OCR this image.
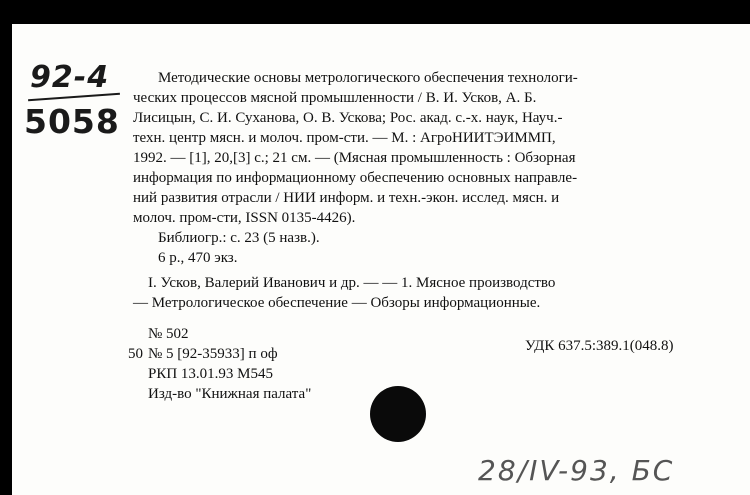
92-4
5058
Методические основы метрологического обеспечения технологи-
ческих процессов мясной промышленности / В. И. Усков, А. Б.
Лисицын, С. И. Суханова, О. В. Ускова; Рос. акад. с.-х. наук, Науч.-
техн. центр мясн. и молоч. пром-сти. — М. : АгроНИИТЭИММП,
1992. — [1], 20,[3] с.; 21 см. — (Мясная промышленность : Обзорная
информация по информационному обеспечению основных направле-
ний развития отрасли / НИИ информ. и техн.-экон. исслед. мясн. и
молоч. пром-сти, ISSN 0135-4426).
Библиогр.: с. 23 (5 назв.).
6 р., 470 экз.
I. Усков, Валерий Иванович и др. — — 1. Мясное производство
— Метрологическое обеспечение — Обзоры информационные.
№ 502
50 № 5 [92-35933] п оф
РКП 13.01.93 М545
Изд-во "Книжная палата"
УДК 637.5:389.1(048.8)
28/IV-93, БС
